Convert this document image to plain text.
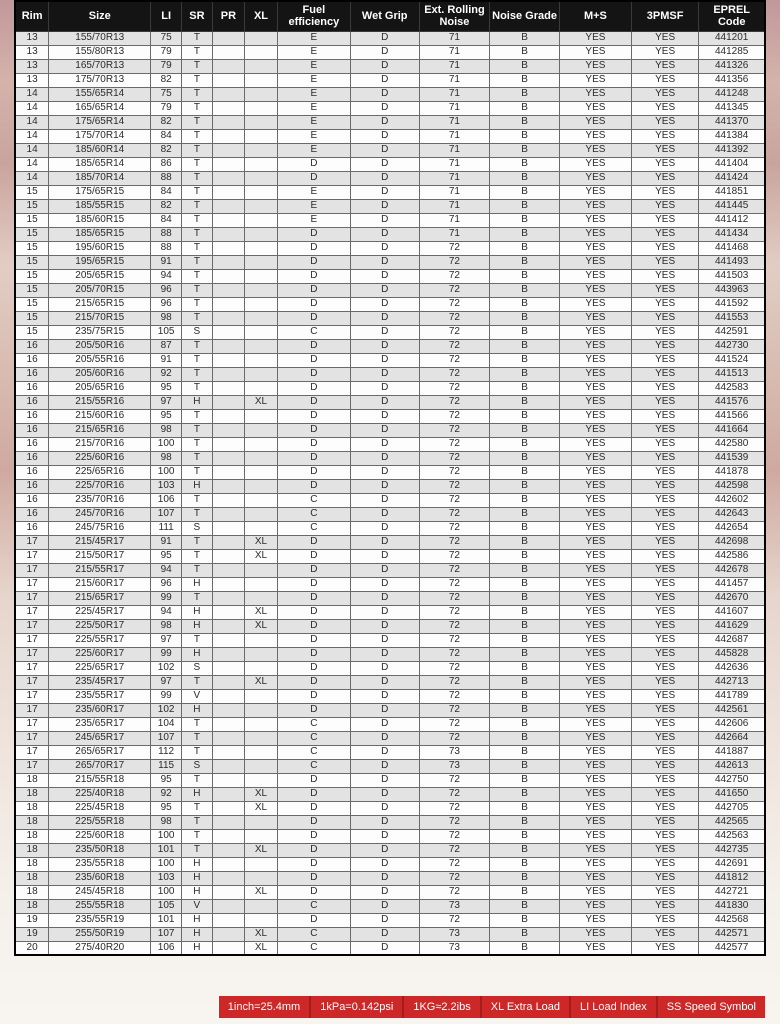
Rim	Size	LI	SR	PR	XL	Fuel efficiency	Wet Grip	Ext. Rolling Noise	Noise Grade	M+S	3PMSF	EPREL Code
13	155/70R13	75	T			E	D	71	B	YES	YES	441201
13	155/80R13	79	T			E	D	71	B	YES	YES	441285
13	165/70R13	79	T			E	D	71	B	YES	YES	441326
13	175/70R13	82	T			E	D	71	B	YES	YES	441356
14	155/65R14	75	T			E	D	71	B	YES	YES	441248
14	165/65R14	79	T			E	D	71	B	YES	YES	441345
14	175/65R14	82	T			E	D	71	B	YES	YES	441370
14	175/70R14	84	T			E	D	71	B	YES	YES	441384
14	185/60R14	82	T			E	D	71	B	YES	YES	441392
14	185/65R14	86	T			D	D	71	B	YES	YES	441404
14	185/70R14	88	T			D	D	71	B	YES	YES	441424
15	175/65R15	84	T			E	D	71	B	YES	YES	441851
15	185/55R15	82	T			E	D	71	B	YES	YES	441445
15	185/60R15	84	T			E	D	71	B	YES	YES	441412
15	185/65R15	88	T			D	D	71	B	YES	YES	441434
15	195/60R15	88	T			D	D	72	B	YES	YES	441468
15	195/65R15	91	T			D	D	72	B	YES	YES	441493
15	205/65R15	94	T			D	D	72	B	YES	YES	441503
15	205/70R15	96	T			D	D	72	B	YES	YES	443963
15	215/65R15	96	T			D	D	72	B	YES	YES	441592
15	215/70R15	98	T			D	D	72	B	YES	YES	441553
15	235/75R15	105	S			C	D	72	B	YES	YES	442591
16	205/50R16	87	T			D	D	72	B	YES	YES	442730
16	205/55R16	91	T			D	D	72	B	YES	YES	441524
16	205/60R16	92	T			D	D	72	B	YES	YES	441513
16	205/65R16	95	T			D	D	72	B	YES	YES	442583
16	215/55R16	97	H		XL	D	D	72	B	YES	YES	441576
16	215/60R16	95	T			D	D	72	B	YES	YES	441566
16	215/65R16	98	T			D	D	72	B	YES	YES	441664
16	215/70R16	100	T			D	D	72	B	YES	YES	442580
16	225/60R16	98	T			D	D	72	B	YES	YES	441539
16	225/65R16	100	T			D	D	72	B	YES	YES	441878
16	225/70R16	103	H			D	D	72	B	YES	YES	442598
16	235/70R16	106	T			C	D	72	B	YES	YES	442602
16	245/70R16	107	T			C	D	72	B	YES	YES	442643
16	245/75R16	111	S			C	D	72	B	YES	YES	442654
17	215/45R17	91	T		XL	D	D	72	B	YES	YES	442698
17	215/50R17	95	T		XL	D	D	72	B	YES	YES	442586
17	215/55R17	94	T			D	D	72	B	YES	YES	442678
17	215/60R17	96	H			D	D	72	B	YES	YES	441457
17	215/65R17	99	T			D	D	72	B	YES	YES	442670
17	225/45R17	94	H		XL	D	D	72	B	YES	YES	441607
17	225/50R17	98	H		XL	D	D	72	B	YES	YES	441629
17	225/55R17	97	T			D	D	72	B	YES	YES	442687
17	225/60R17	99	H			D	D	72	B	YES	YES	445828
17	225/65R17	102	S			D	D	72	B	YES	YES	442636
17	235/45R17	97	T		XL	D	D	72	B	YES	YES	442713
17	235/55R17	99	V			D	D	72	B	YES	YES	441789
17	235/60R17	102	H			D	D	72	B	YES	YES	442561
17	235/65R17	104	T			C	D	72	B	YES	YES	442606
17	245/65R17	107	T			C	D	72	B	YES	YES	442664
17	265/65R17	112	T			C	D	73	B	YES	YES	441887
17	265/70R17	115	S			C	D	73	B	YES	YES	442613
18	215/55R18	95	T			D	D	72	B	YES	YES	442750
18	225/40R18	92	H		XL	D	D	72	B	YES	YES	441650
18	225/45R18	95	T		XL	D	D	72	B	YES	YES	442705
18	225/55R18	98	T			D	D	72	B	YES	YES	442565
18	225/60R18	100	T			D	D	72	B	YES	YES	442563
18	235/50R18	101	T		XL	D	D	72	B	YES	YES	442735
18	235/55R18	100	H			D	D	72	B	YES	YES	442691
18	235/60R18	103	H			D	D	72	B	YES	YES	441812
18	245/45R18	100	H		XL	D	D	72	B	YES	YES	442721
18	255/55R18	105	V			C	D	73	B	YES	YES	441830
19	235/55R19	101	H			D	D	72	B	YES	YES	442568
19	255/50R19	107	H		XL	C	D	73	B	YES	YES	442571
20	275/40R20	106	H		XL	C	D	73	B	YES	YES	442577
1inch=25.4mm	1kPa=0.142psi	1KG≈2.2ibs	XL Extra Load	LI Load Index	SS Speed Symbol
